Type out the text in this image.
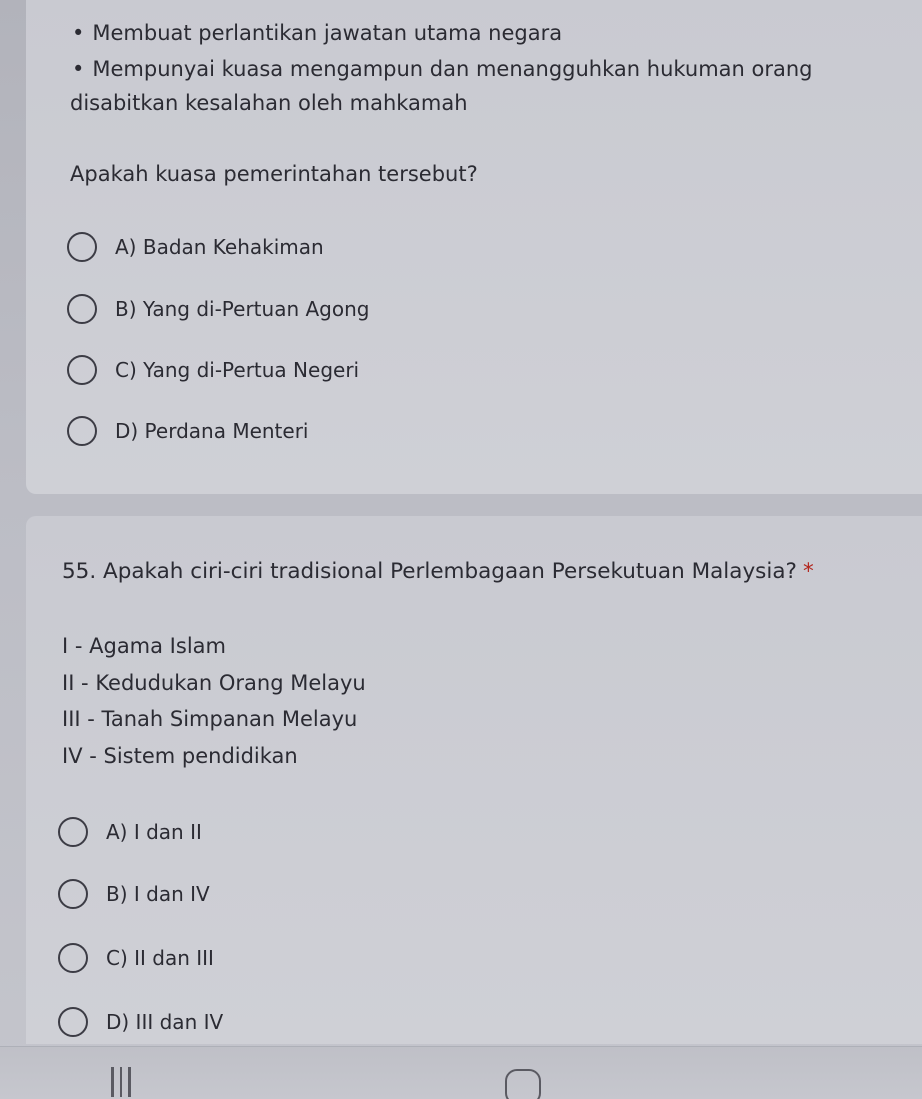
• Membuat perlantikan jawatan utama negara
• Mempunyai kuasa mengampun dan menangguhkan hukuman orang
disabitkan kesalahan oleh mahkamah
Apakah kuasa pemerintahan tersebut?
A) Badan Kehakiman
B) Yang di-Pertuan Agong
C) Yang di-Pertua Negeri
D) Perdana Menteri
55. Apakah ciri-ciri tradisional Perlembagaan Persekutuan Malaysia? *
I - Agama Islam
II - Kedudukan Orang Melayu
III - Tanah Simpanan Melayu
IV - Sistem pendidikan
A) I dan II
B) I dan IV
C) II dan III
D) III dan IV
